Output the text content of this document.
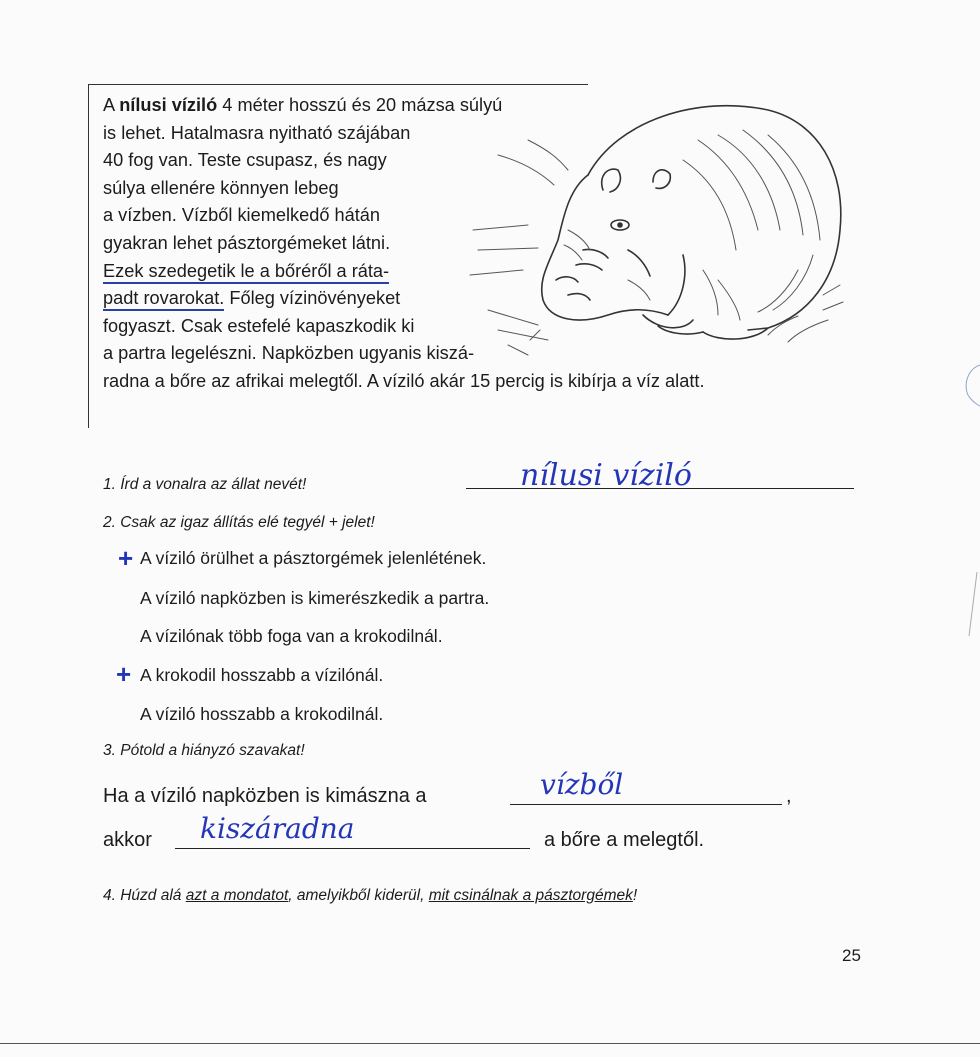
A nílusi víziló 4 méter hosszú és 20 mázsa súlyú
is lehet. Hatalmasra nyitható szájában
40 fog van. Teste csupasz, és nagy
súlya ellenére könnyen lebeg
a vízben. Vízből kiemelkedő hátán
gyakran lehet pásztorgémeket látni.
Ezek szedegetik le a bőréről a ráta-
padt rovarokat. Főleg vízinövényeket
fogyaszt. Csak estefelé kapaszkodik ki
a partra legelészni. Napközben ugyanis kiszá-
radna a bőre az afrikai melegtől. A víziló akár 15 percig is kibírja a víz alatt.
1. Írd a vonalra az állat nevét!	nílusi víziló
2. Csak az igaz állítás elé tegyél + jelet!
+ A víziló örülhet a pásztorgémek jelenlétének.
A víziló napközben is kimerészkedik a partra.
A vízilónak több foga van a krokodilnál.
+ A krokodil hosszabb a vízilónál.
A víziló hosszabb a krokodilnál.
3. Pótold a hiányzó szavakat!
Ha a víziló napközben is kimászna a	vízből	,
akkor kiszáradna	a bőre a melegtől.
4. Húzd alá azt a mondatot, amelyikből kiderül, mit csinálnak a pásztorgémek!
25
